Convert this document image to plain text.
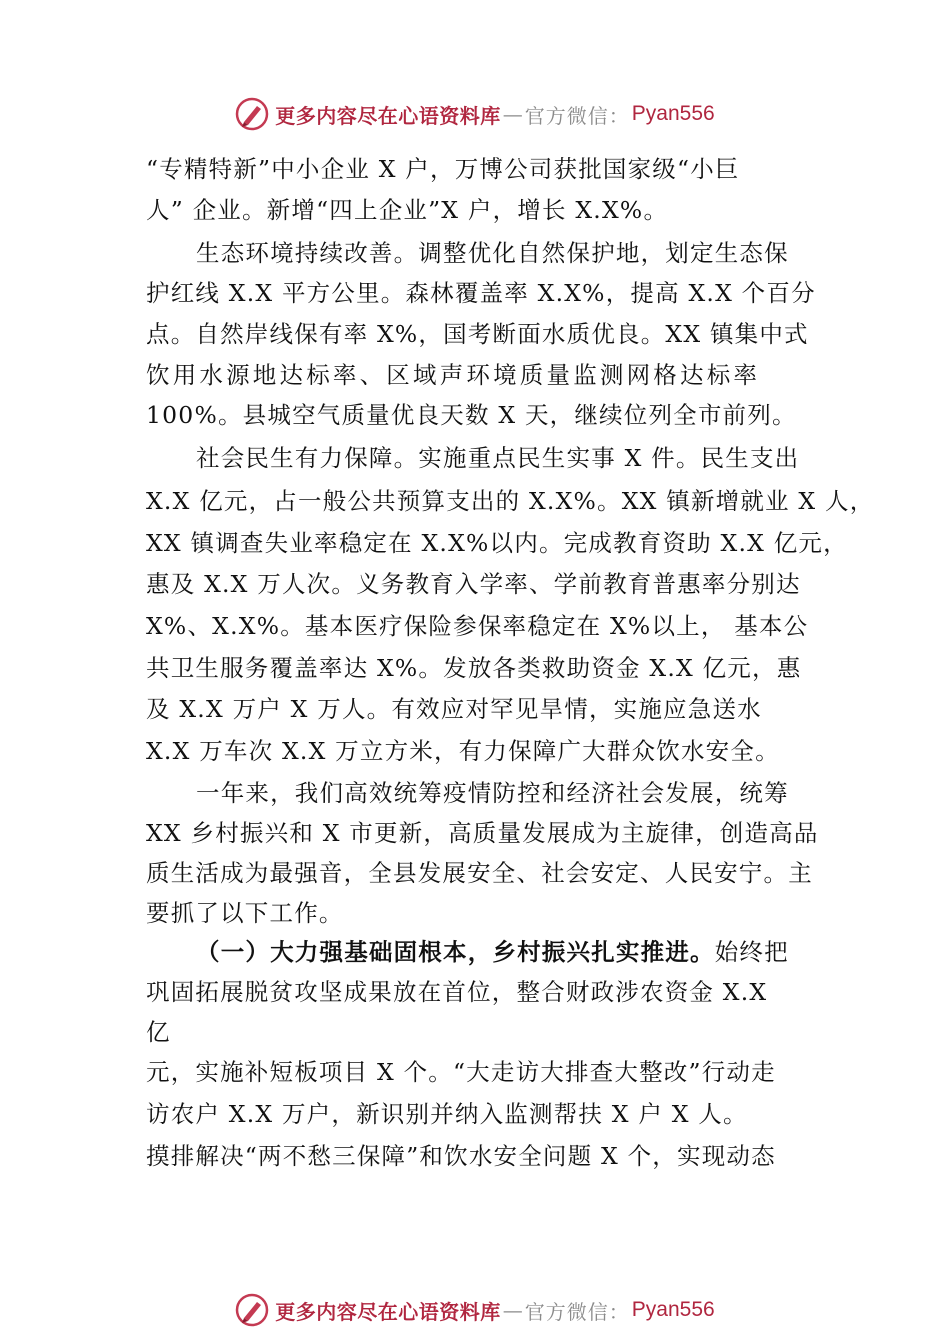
更多内容尽在心语资料库 — 官方微信： Pyan556
“专精特新”中小企业 X 户，万博公司获批国家级“小巨
人” 企业。新增“四上企业”X 户，增长 X.X%。
生态环境持续改善。调整优化自然保护地，划定生态保
护红线 X.X 平方公里。森林覆盖率 X.X%，提高 X.X 个百分
点。自然岸线保有率 X%，国考断面水质优良。XX 镇集中式
饮用水源地达标率、区域声环境质量监测网格达标率
100%。县城空气质量优良天数 X 天，继续位列全市前列。
社会民生有力保障。实施重点民生实事 X 件。民生支出
X.X 亿元，占一般公共预算支出的 X.X%。XX 镇新增就业 X 人，
XX 镇调查失业率稳定在 X.X%以内。完成教育资助 X.X 亿元，
惠及 X.X 万人次。义务教育入学率、学前教育普惠率分别达
X%、X.X%。基本医疗保险参保率稳定在 X%以上， 基本公
共卫生服务覆盖率达 X%。发放各类救助资金 X.X 亿元，惠
及 X.X 万户 X 万人。有效应对罕见旱情，实施应急送水
X.X 万车次 X.X 万立方米，有力保障广大群众饮水安全。
一年来，我们高效统筹疫情防控和经济社会发展，统筹
XX 乡村振兴和 X 市更新，高质量发展成为主旋律，创造高品
质生活成为最强音，全县发展安全、社会安定、人民安宁。主
要抓了以下工作。
（一）大力强基础固根本，乡村振兴扎实推进。始终把
巩固拓展脱贫攻坚成果放在首位，整合财政涉农资金 X.X
亿
元，实施补短板项目 X 个。“大走访大排查大整改”行动走
访农户 X.X 万户，新识别并纳入监测帮扶 X 户 X 人。
摸排解决“两不愁三保障”和饮水安全问题 X 个，实现动态
更多内容尽在心语资料库 — 官方微信： Pyan556
